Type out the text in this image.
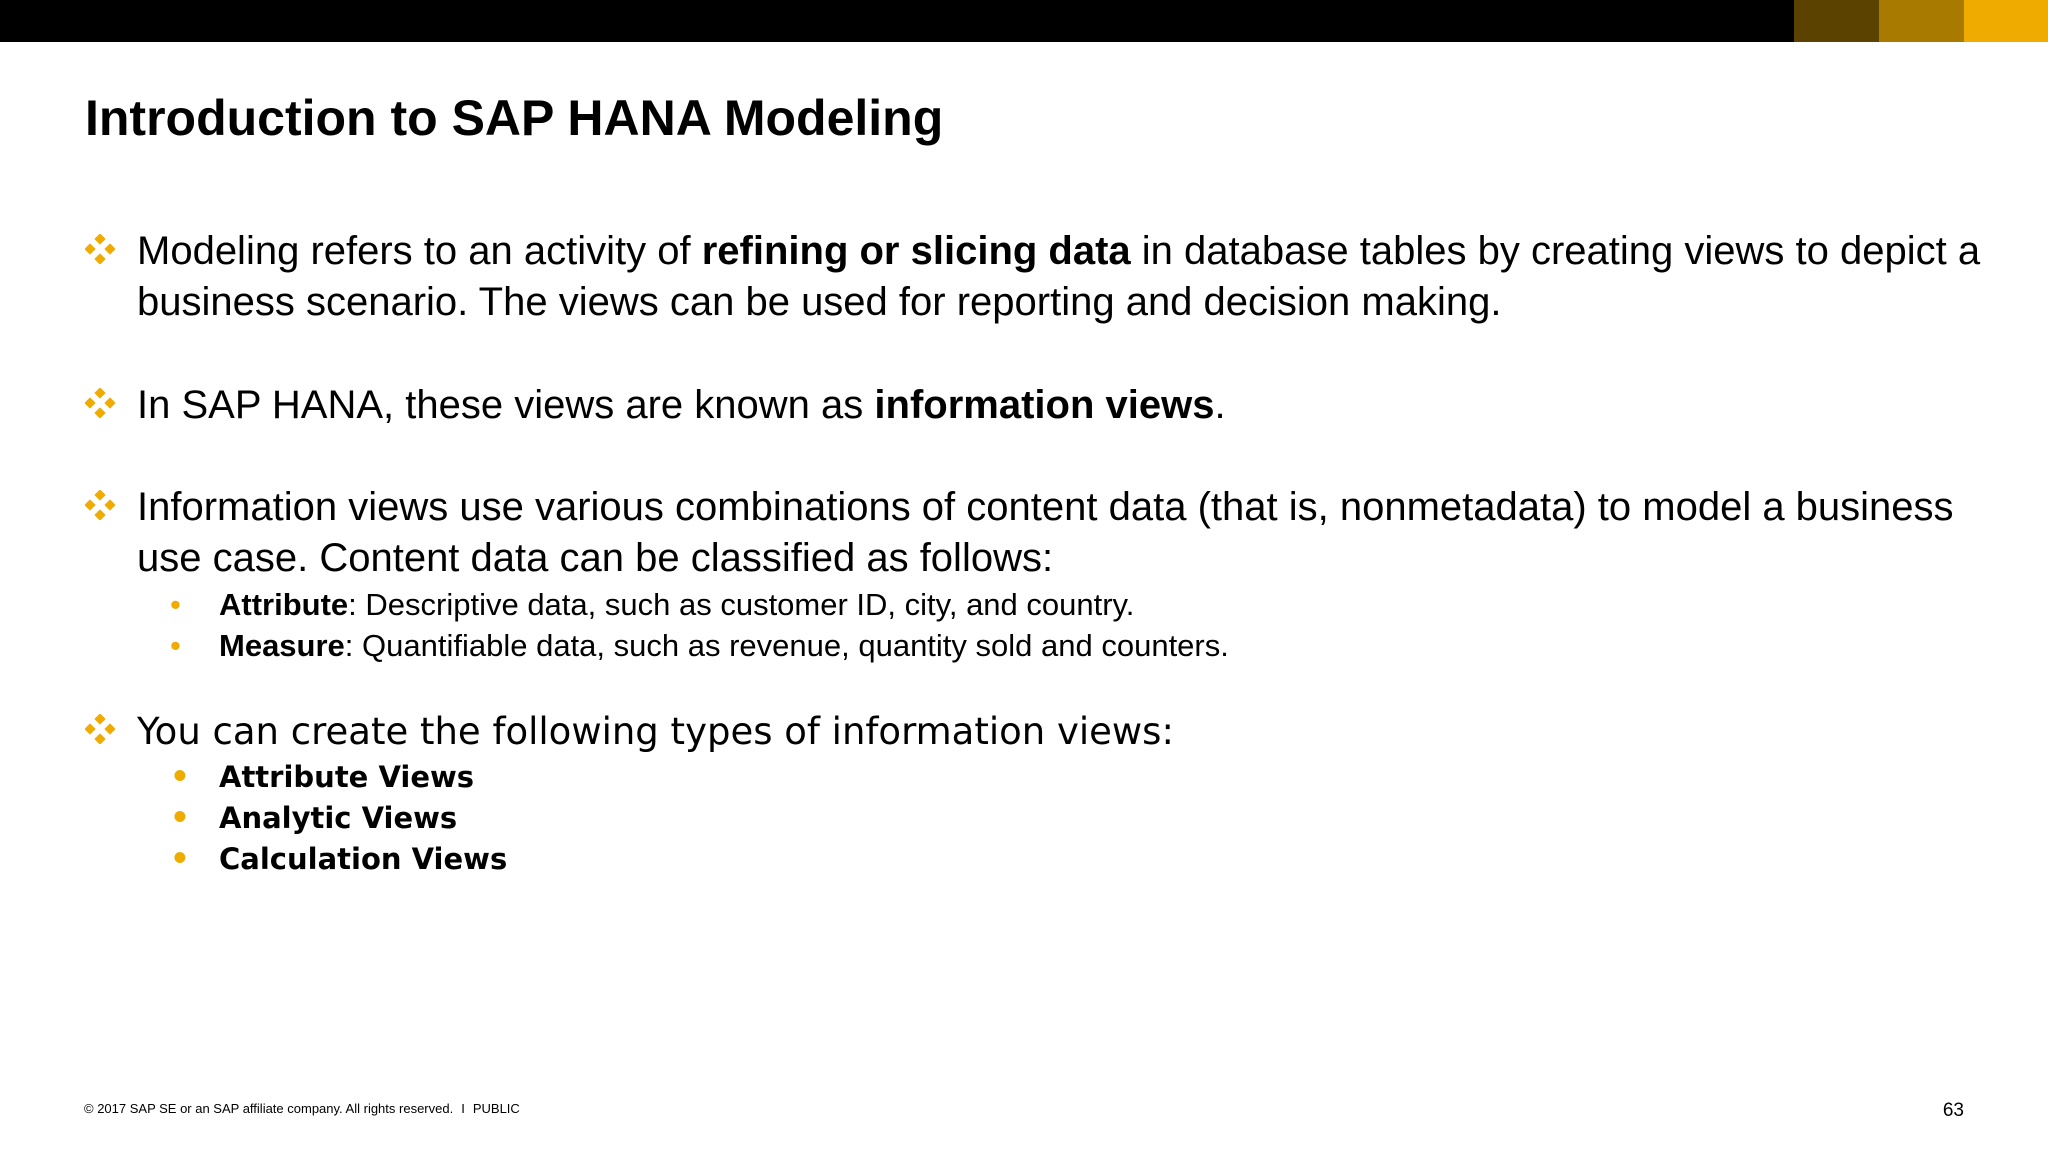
Introduction to SAP HANA Modeling
Modeling refers to an activity of refining or slicing data in database tables by creating views to depict a business scenario. The views can be used for reporting and decision making.
In SAP HANA, these views are known as information views.
Information views use various combinations of content data (that is, nonmetadata) to model a business use case. Content data can be classified as follows:
• Attribute: Descriptive data, such as customer ID, city, and country.
• Measure: Quantifiable data, such as revenue, quantity sold and counters.
You can create the following types of information views:
• Attribute Views
• Analytic Views
• Calculation Views
© 2017 SAP SE or an SAP affiliate company. All rights reserved. I PUBLIC	63
